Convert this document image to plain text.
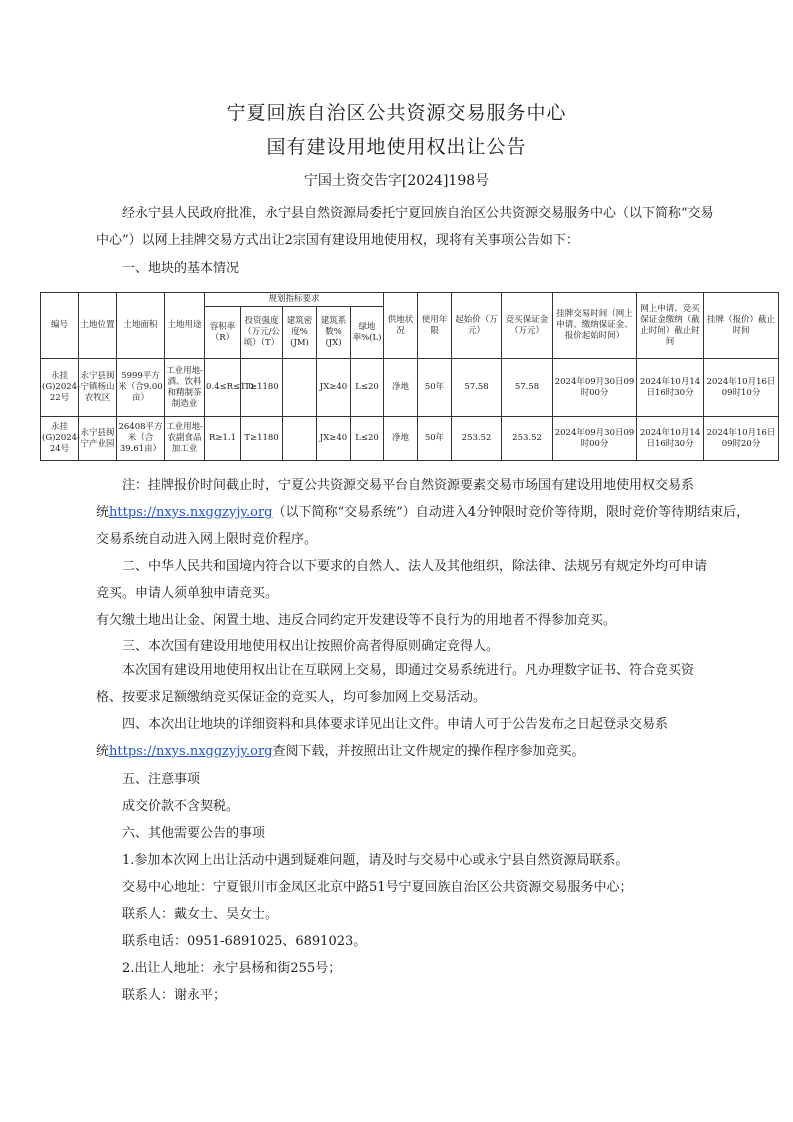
宁夏回族自治区公共资源交易服务中心
国有建设用地使用权出让公告
宁国土资交告字[2024]198号
经永宁县人民政府批准，永宁县自然资源局委托宁夏回族自治区公共资源交易服务中心（以下简称“交易中心”）以网上挂牌交易方式出让2宗国有建设用地使用权，现将有关事项公告如下：
一、地块的基本情况
编号	土地位置	土地面积	土地用途	规划指标要求					供地状况	使用年限	起始价（万元）	竞买保证金（万元）	挂牌交易时间（网上申请、缴纳保证金、报价起始时间）	网上申请、竞买保证金缴纳（截止时间）截止时间	挂牌（报价）截止时间
				容积率（R）	投资强度（万元/公顷）（T）	建筑密度%(JM)	建筑系数%(JX)	绿地率%(L)							
永挂(G)2024-22号	永宁县闽宁镇杨山农牧区	5999平方米（合9.00亩）	工业用地-酒、饮料和精制茶制造业	0.4≤R≤1.0	T≥1180		JX≥40	L≤20	净地	50年	57.58	57.58	2024年09月30日09时00分	2024年10月14日16时30分	2024年10月16日09时10分
永挂(G)2024-24号	永宁县闽宁产业园	26408平方米（合39.61亩）	工业用地-农副食品加工业	R≥1.1	T≥1180		JX≥40	L≤20	净地	50年	253.52	253.52	2024年09月30日09时00分	2024年10月14日16时30分	2024年10月16日09时20分
注：挂牌报价时间截止时，宁夏公共资源交易平台自然资源要素交易市场国有建设用地使用权交易系
统https://nxys.nxggzyjy.org（以下简称“交易系统”）自动进入4分钟限时竞价等待期，限时竞价等待期结束后，
交易系统自动进入网上限时竞价程序。
二、中华人民共和国境内符合以下要求的自然人、法人及其他组织，除法律、法规另有规定外均可申请竞买。申请人须单独申请竞买。
有欠缴土地出让金、闲置土地、违反合同约定开发建设等不良行为的用地者不得参加竞买。
三、本次国有建设用地使用权出让按照价高者得原则确定竞得人。
本次国有建设用地使用权出让在互联网上交易，即通过交易系统进行。凡办理数字证书、符合竞买资格、按要求足额缴纳竞买保证金的竞买人，均可参加网上交易活动。
四、本次出让地块的详细资料和具体要求详见出让文件。申请人可于公告发布之日起登录交易系
统https://nxys.nxggzyjy.org查阅下载，并按照出让文件规定的操作程序参加竞买。
五、注意事项
成交价款不含契税。
六、其他需要公告的事项
1.参加本次网上出让活动中遇到疑难问题，请及时与交易中心或永宁县自然资源局联系。
交易中心地址：宁夏银川市金凤区北京中路51号宁夏回族自治区公共资源交易服务中心；
联系人：戴女士、吴女士。
联系电话：0951-6891025、6891023。
2.出让人地址：永宁县杨和街255号；
联系人：谢永平；
